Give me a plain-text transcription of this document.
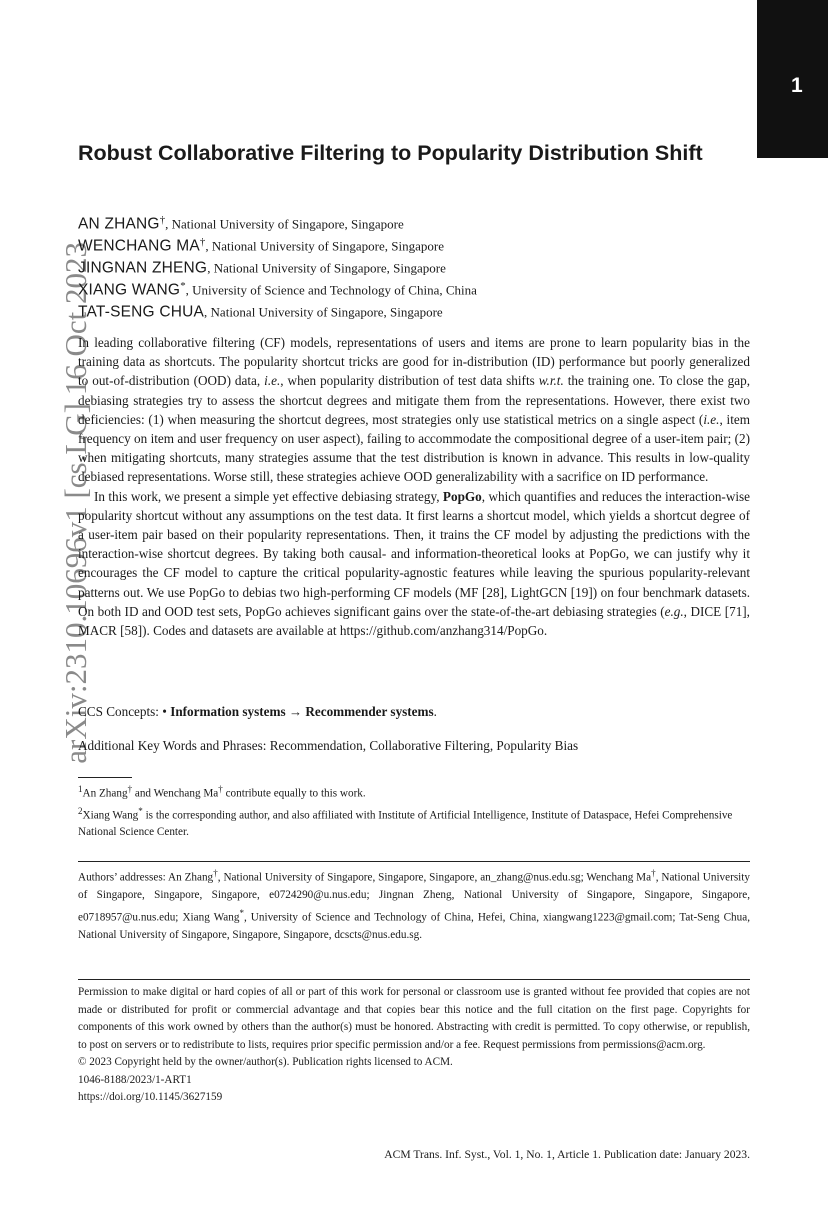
1
arXiv:2310.10696v1 [cs.LG] 16 Oct 2023
Robust Collaborative Filtering to Popularity Distribution Shift
AN ZHANG†, National University of Singapore, Singapore
WENCHANG MA†, National University of Singapore, Singapore
JINGNAN ZHENG, National University of Singapore, Singapore
XIANG WANG*, University of Science and Technology of China, China
TAT-SENG CHUA, National University of Singapore, Singapore

In leading collaborative filtering (CF) models, representations of users and items are prone to learn popularity bias in the training data as shortcuts. The popularity shortcut tricks are good for in-distribution (ID) performance but poorly generalized to out-of-distribution (OOD) data, i.e., when popularity distribution of test data shifts w.r.t. the training one. To close the gap, debiasing strategies try to assess the shortcut degrees and mitigate them from the representations. However, there exist two deficiencies: (1) when measuring the shortcut degrees, most strategies only use statistical metrics on a single aspect (i.e., item frequency on item and user frequency on user aspect), failing to accommodate the compositional degree of a user-item pair; (2) when mitigating shortcuts, many strategies assume that the test distribution is known in advance. This results in low-quality debiased representations. Worse still, these strategies achieve OOD generalizability with a sacrifice on ID performance.

In this work, we present a simple yet effective debiasing strategy, PopGo, which quantifies and reduces the interaction-wise popularity shortcut without any assumptions on the test data. It first learns a shortcut model, which yields a shortcut degree of a user-item pair based on their popularity representations. Then, it trains the CF model by adjusting the predictions with the interaction-wise shortcut degrees. By taking both causal- and information-theoretical looks at PopGo, we can justify why it encourages the CF model to capture the critical popularity-agnostic features while leaving the spurious popularity-relevant patterns out. We use PopGo to debias two high-performing CF models (MF [28], LightGCN [19]) on four benchmark datasets. On both ID and OOD test sets, PopGo achieves significant gains over the state-of-the-art debiasing strategies (e.g., DICE [71], MACR [58]). Codes and datasets are available at https://github.com/anzhang314/PopGo.

CCS Concepts: • Information systems → Recommender systems.
Additional Key Words and Phrases: Recommendation, Collaborative Filtering, Popularity Bias
$^1$An Zhang† and Wenchang Ma† contribute equally to this work.
$^2$Xiang Wang* is the corresponding author, and also affiliated with Institute of Artificial Intelligence, Institute of Dataspace, Hefei Comprehensive National Science Center.
Authors’ addresses: An Zhang†, National University of Singapore, Singapore, Singapore, an_zhang@nus.edu.sg; Wenchang Ma†, National University of Singapore, Singapore, Singapore, e0724290@u.nus.edu; Jingnan Zheng, National University of Singapore, Singapore, Singapore, e0718957@u.nus.edu; Xiang Wang*, University of Science and Technology of China, Hefei, China, xiangwang1223@gmail.com; Tat-Seng Chua, National University of Singapore, Singapore, Singapore, dcscts@nus.edu.sg.
Permission to make digital or hard copies of all or part of this work for personal or classroom use is granted without fee provided that copies are not made or distributed for profit or commercial advantage and that copies bear this notice and the full citation on the first page. Copyrights for components of this work owned by others than the author(s) must be honored. Abstracting with credit is permitted. To copy otherwise, or republish, to post on servers or to redistribute to lists, requires prior specific permission and/or a fee. Request permissions from permissions@acm.org.
© 2023 Copyright held by the owner/author(s). Publication rights licensed to ACM.
1046-8188/2023/1-ART1
https://doi.org/10.1145/3627159
ACM Trans. Inf. Syst., Vol. 1, No. 1, Article 1. Publication date: January 2023.
